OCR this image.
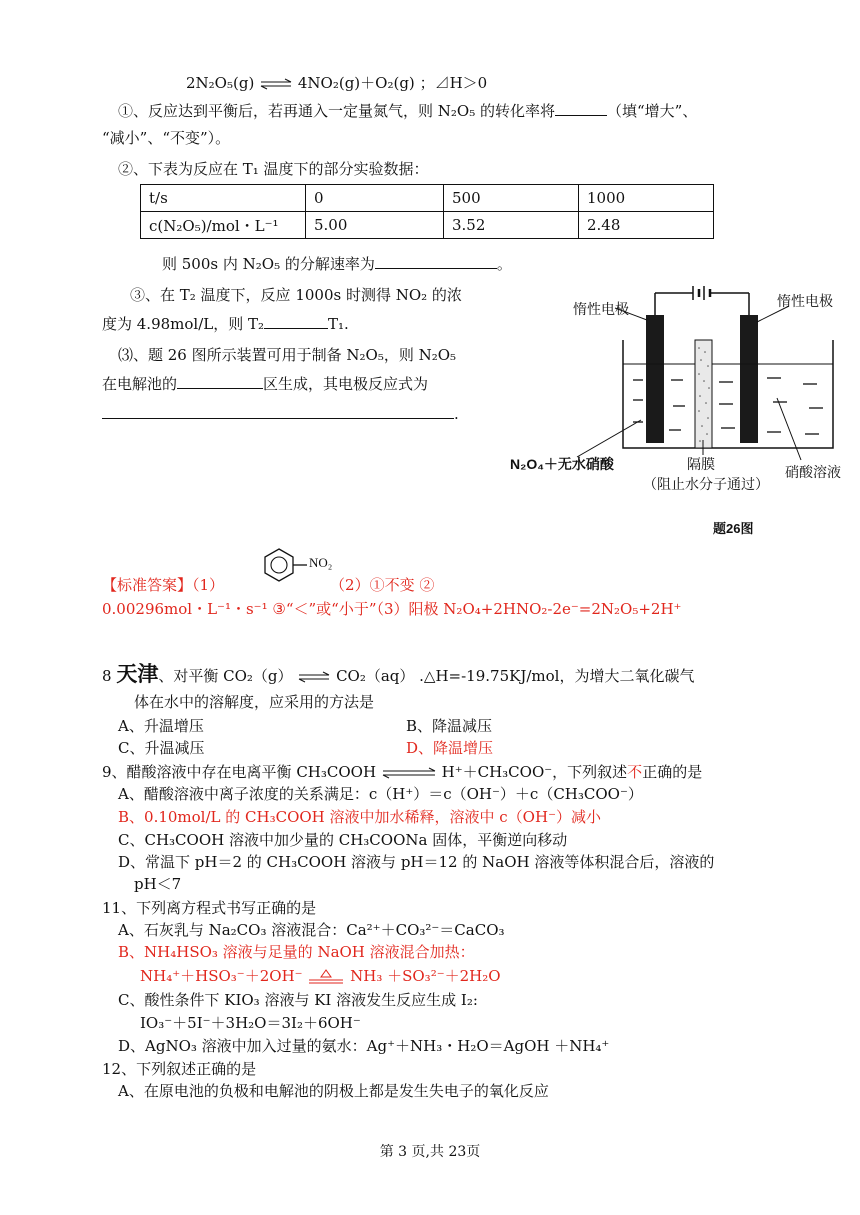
2N₂O₅(g) ⇌ 4NO₂(g)＋O₂(g) ；⊿H＞0
①、反应达到平衡后，若再通入一定量氮气，则 N₂O₅ 的转化率将	（填“增大”、
“减小”、“不变”）。
②、下表为反应在 T₁ 温度下的部分实验数据：
t/s	0	500	1000
c(N₂O₅)/mol・L⁻¹	5.00	3.52	2.48
则 500s 内 N₂O₅ 的分解速率为	。
③、在 T₂ 温度下，反应 1000s 时测得 NO₂ 的浓
度为 4.98mol/L，则 T₂	T₁.
⑶、题 26 图所示装置可用于制备 N₂O₅，则 N₂O₅
在电解池的	区生成，其电极反应式为
.
惰性电极	惰性电极
N₂O₄＋无水硝酸	隔膜
（阻止水分子通过）
硝酸溶液
题26图
NO₂
【标准答案】（1）	（2）①不变 ②
0.00296mol・L⁻¹・s⁻¹ ③“＜”或“小于”（3）阳极 N₂O₄+2HNO₂-2e⁻=2N₂O₅+2H⁺
8 天津、对平衡 CO₂（g） ⇌ CO₂（aq） .△H=-19.75KJ/mol，为增大二氧化碳气
体在水中的溶解度，应采用的方法是
A、升温增压	B、降温减压
C、升温减压	D、降温增压
9、醋酸溶液中存在电离平衡 CH₃COOH ⇌ H⁺＋CH₃COO⁻，下列叙述不正确的是
A、醋酸溶液中离子浓度的关系满足：c（H⁺）＝c（OH⁻）＋c（CH₃COO⁻）
B、0.10mol/L 的 CH₃COOH 溶液中加水稀释，溶液中 c（OH⁻）减小
C、CH₃COOH 溶液中加少量的 CH₃COONa 固体，平衡逆向移动
D、常温下 pH＝2 的 CH₃COOH 溶液与 pH＝12 的 NaOH 溶液等体积混合后，溶液的
pH＜7
11、下列离方程式书写正确的是
A、石灰乳与 Na₂CO₃ 溶液混合：Ca²⁺＋CO₃²⁻＝CaCO₃
B、NH₄HSO₃ 溶液与足量的 NaOH 溶液混合加热：
NH₄⁺＋HSO₃⁻＋2OH⁻	NH₃ ＋SO₃²⁻＋2H₂O
C、酸性条件下 KIO₃ 溶液与 KI 溶液发生反应生成 I₂:
IO₃⁻＋5I⁻＋3H₂O＝3I₂＋6OH⁻
D、AgNO₃ 溶液中加入过量的氨水：Ag⁺＋NH₃・H₂O＝AgOH ＋NH₄⁺
12、下列叙述正确的是
A、在原电池的负极和电解池的阴极上都是发生失电子的氧化反应
第 3 页,共 23页
